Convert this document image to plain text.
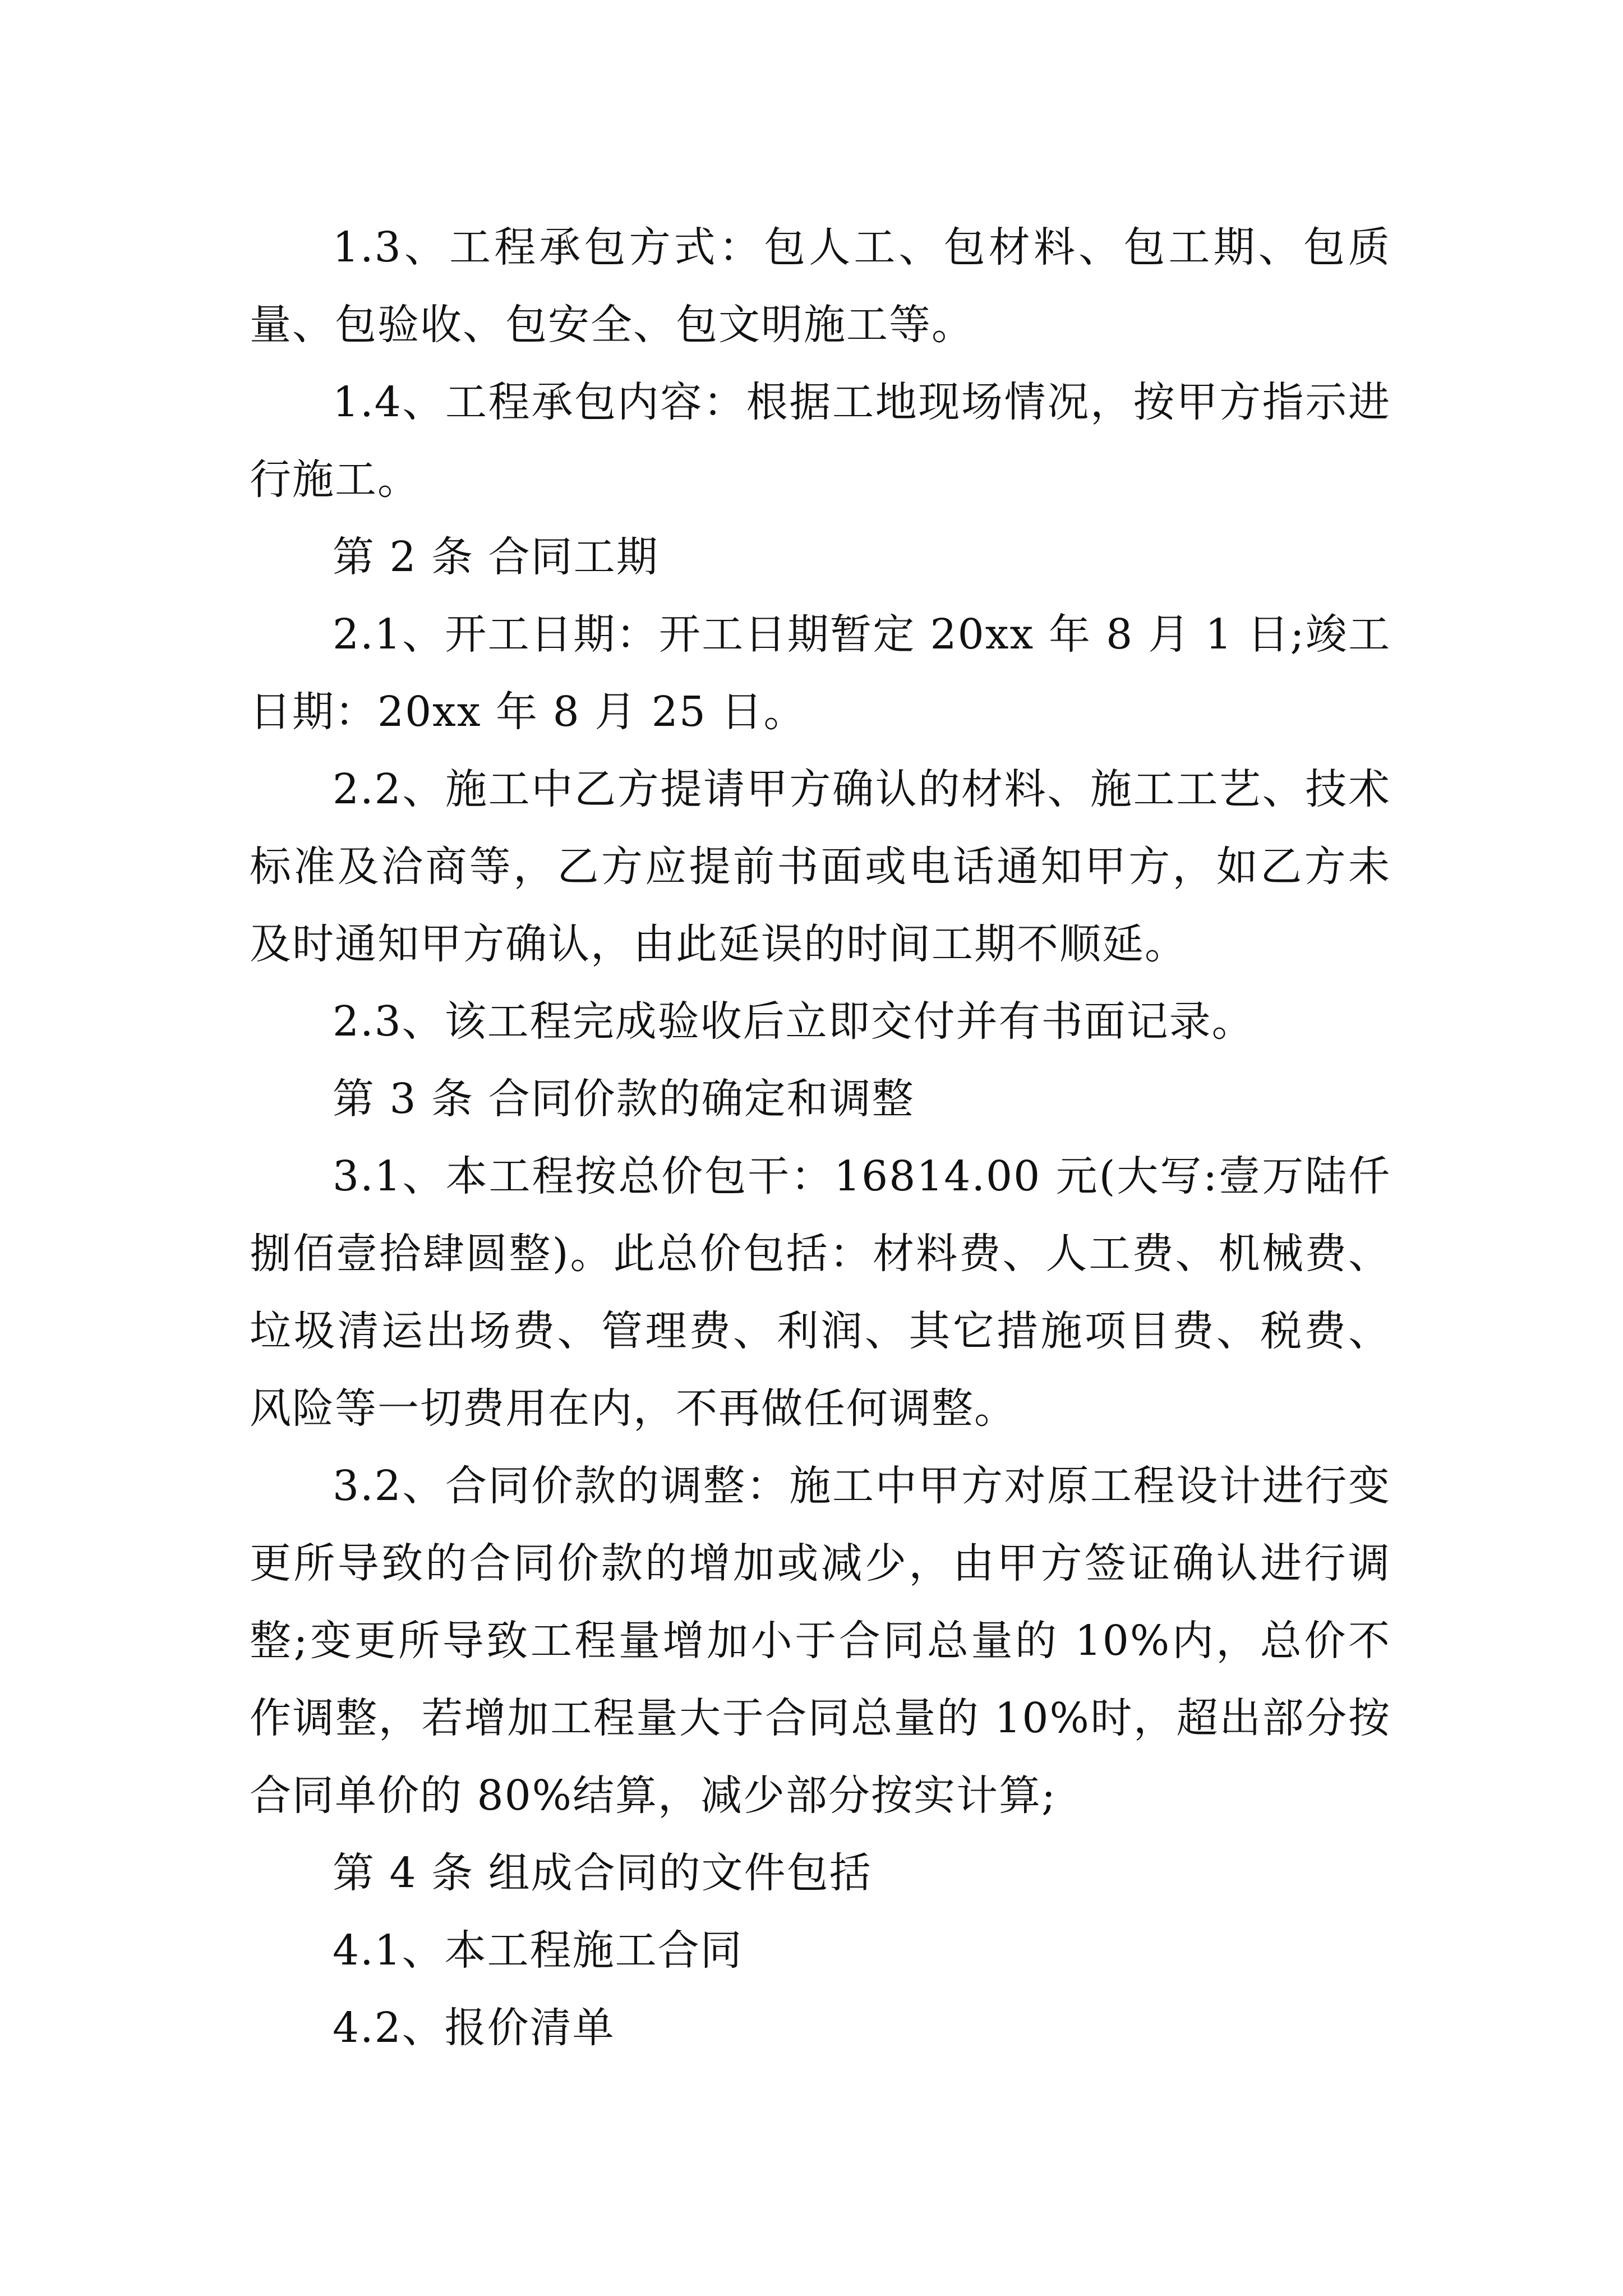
1.3、工程承包方式：包人工、包材料、包工期、包质量、包验收、包安全、包文明施工等。

1.4、工程承包内容：根据工地现场情况，按甲方指示进行施工。

第 2 条 合同工期

2.1、开工日期：开工日期暂定 20xx 年 8 月 1 日;竣工日期：20xx 年 8 月 25 日。

2.2、施工中乙方提请甲方确认的材料、施工工艺、技术标准及洽商等，乙方应提前书面或电话通知甲方，如乙方未及时通知甲方确认，由此延误的时间工期不顺延。

2.3、该工程完成验收后立即交付并有书面记录。

第 3 条 合同价款的确定和调整

3.1、本工程按总价包干：16814.00 元(大写:壹万陆仟捌佰壹拾肆圆整)。此总价包括：材料费、人工费、机械费、垃圾清运出场费、管理费、利润、其它措施项目费、税费、风险等一切费用在内，不再做任何调整。

3.2、合同价款的调整：施工中甲方对原工程设计进行变更所导致的合同价款的增加或减少，由甲方签证确认进行调整;变更所导致工程量增加小于合同总量的 10%内，总价不作调整，若增加工程量大于合同总量的 10%时，超出部分按合同单价的 80%结算，减少部分按实计算;

第 4 条 组成合同的文件包括

4.1、本工程施工合同

4.2、报价清单
